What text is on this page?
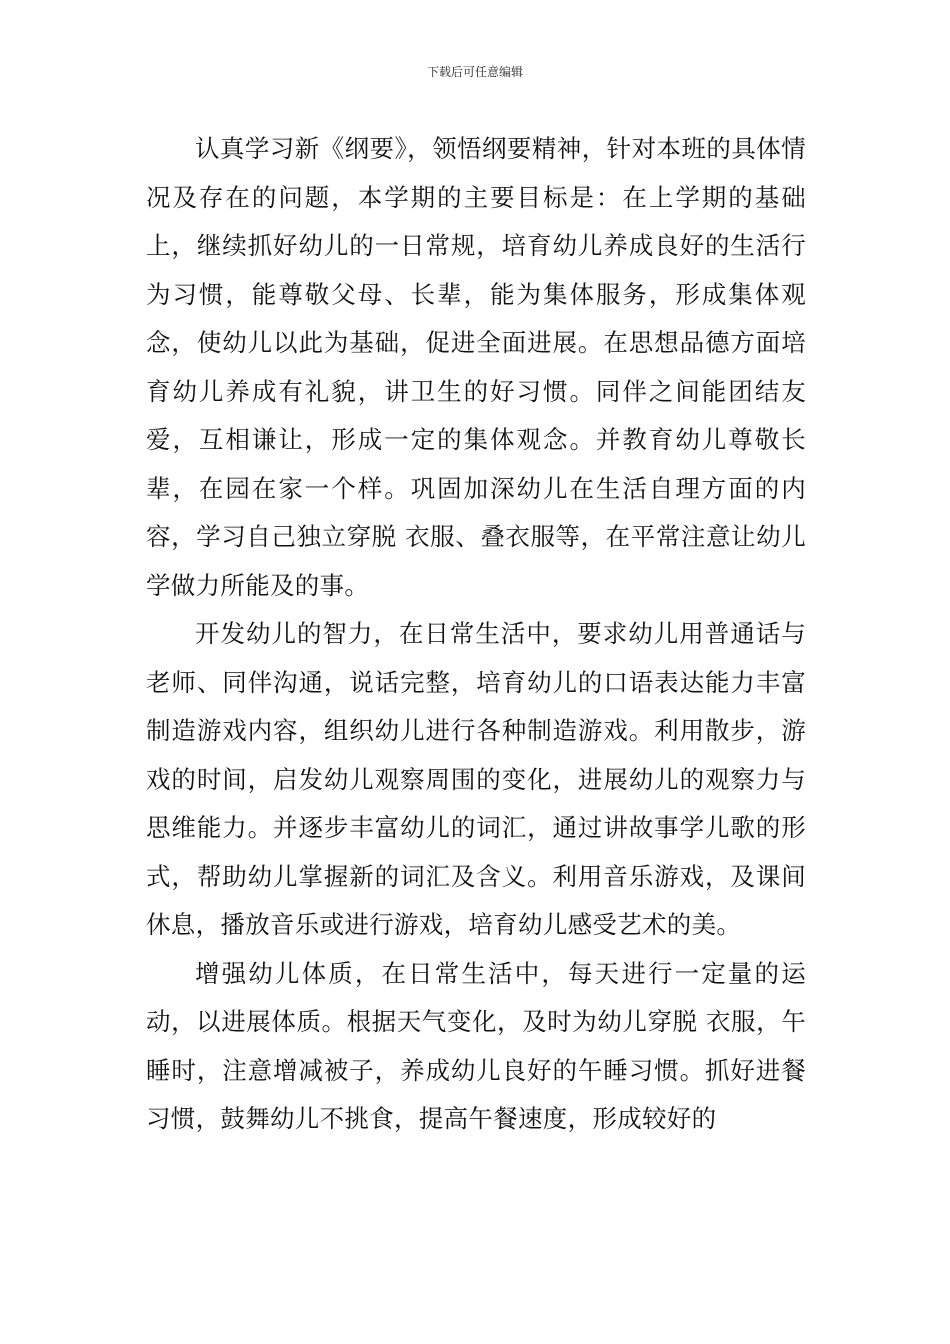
下载后可任意编辑

认真学习新《纲要》，领悟纲要精神，针对本班的具体情况及存在的问题，本学期的主要目标是：在上学期的基础上，继续抓好幼儿的一日常规，培育幼儿养成良好的生活行为习惯，能尊敬父母、长辈，能为集体服务，形成集体观念，使幼儿以此为基础，促进全面进展。在思想品德方面培育幼儿养成有礼貌，讲卫生的好习惯。同伴之间能团结友爱，互相谦让，形成一定的集体观念。并教育幼儿尊敬长辈，在园在家一个样。巩固加深幼儿在生活自理方面的内容，学习自己独立穿脱 衣服、叠衣服等，在平常注意让幼儿学做力所能及的事。

开发幼儿的智力，在日常生活中，要求幼儿用普通话与老师、同伴沟通，说话完整，培育幼儿的口语表达能力丰富制造游戏内容，组织幼儿进行各种制造游戏。利用散步，游戏的时间，启发幼儿观察周围的变化，进展幼儿的观察力与思维能力。并逐步丰富幼儿的词汇，通过讲故事学儿歌的形式，帮助幼儿掌握新的词汇及含义。利用音乐游戏，及课间休息，播放音乐或进行游戏，培育幼儿感受艺术的美。

增强幼儿体质，在日常生活中，每天进行一定量的运动，以进展体质。根据天气变化，及时为幼儿穿脱 衣服，午睡时，注意增减被子，养成幼儿良好的午睡习惯。抓好进餐习惯，鼓舞幼儿不挑食，提高午餐速度，形成较好的
